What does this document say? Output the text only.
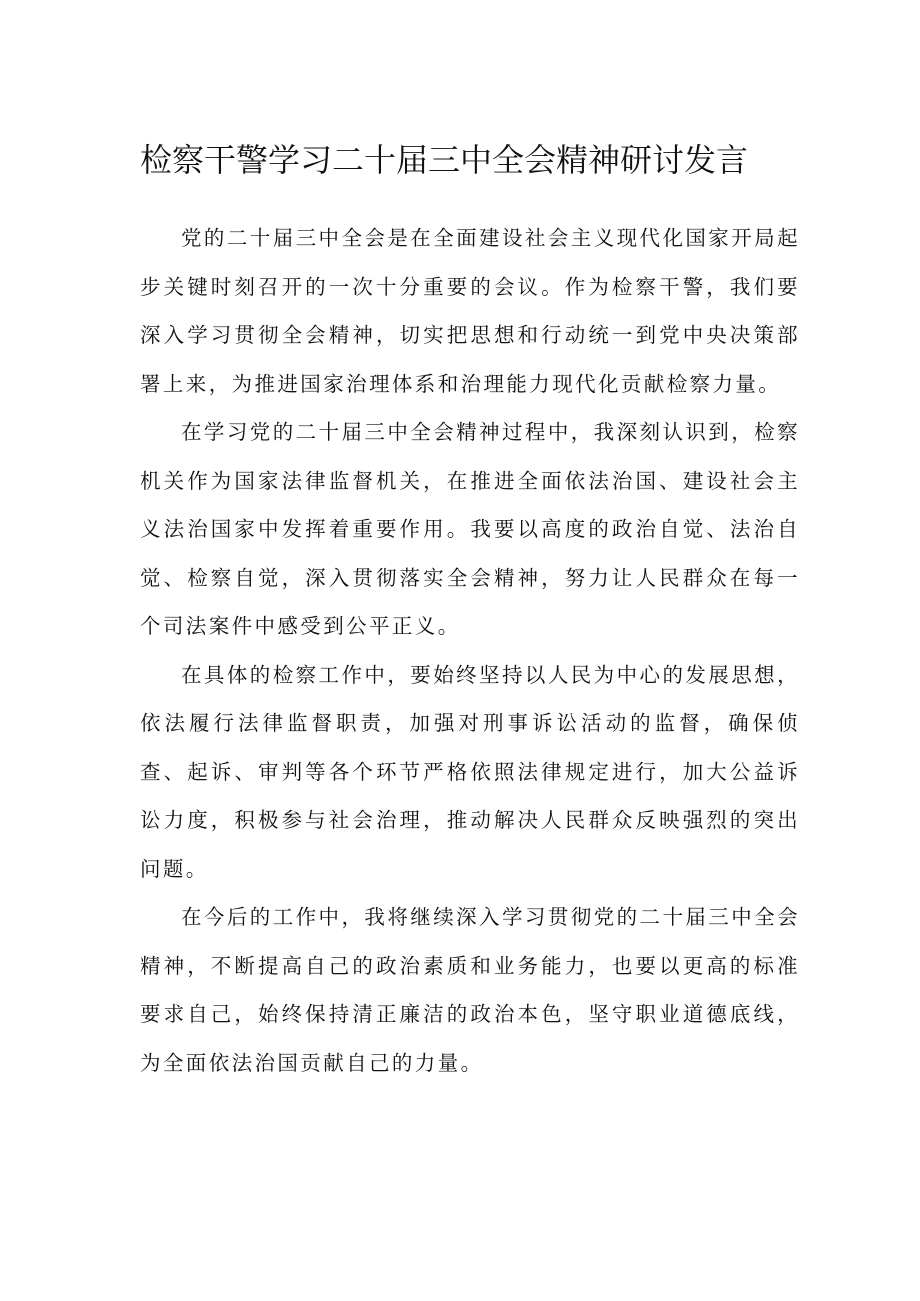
检察干警学习二十届三中全会精神研讨发言

党的二十届三中全会是在全面建设社会主义现代化国家开局起步关键时刻召开的一次十分重要的会议。作为检察干警，我们要深入学习贯彻全会精神，切实把思想和行动统一到党中央决策部署上来，为推进国家治理体系和治理能力现代化贡献检察力量。

在学习党的二十届三中全会精神过程中，我深刻认识到，检察机关作为国家法律监督机关，在推进全面依法治国、建设社会主义法治国家中发挥着重要作用。我要以高度的政治自觉、法治自觉、检察自觉，深入贯彻落实全会精神，努力让人民群众在每一个司法案件中感受到公平正义。

在具体的检察工作中，要始终坚持以人民为中心的发展思想，依法履行法律监督职责，加强对刑事诉讼活动的监督，确保侦查、起诉、审判等各个环节严格依照法律规定进行，加大公益诉讼力度，积极参与社会治理，推动解决人民群众反映强烈的突出问题。

在今后的工作中，我将继续深入学习贯彻党的二十届三中全会精神，不断提高自己的政治素质和业务能力，也要以更高的标准要求自己，始终保持清正廉洁的政治本色，坚守职业道德底线，为全面依法治国贡献自己的力量。
